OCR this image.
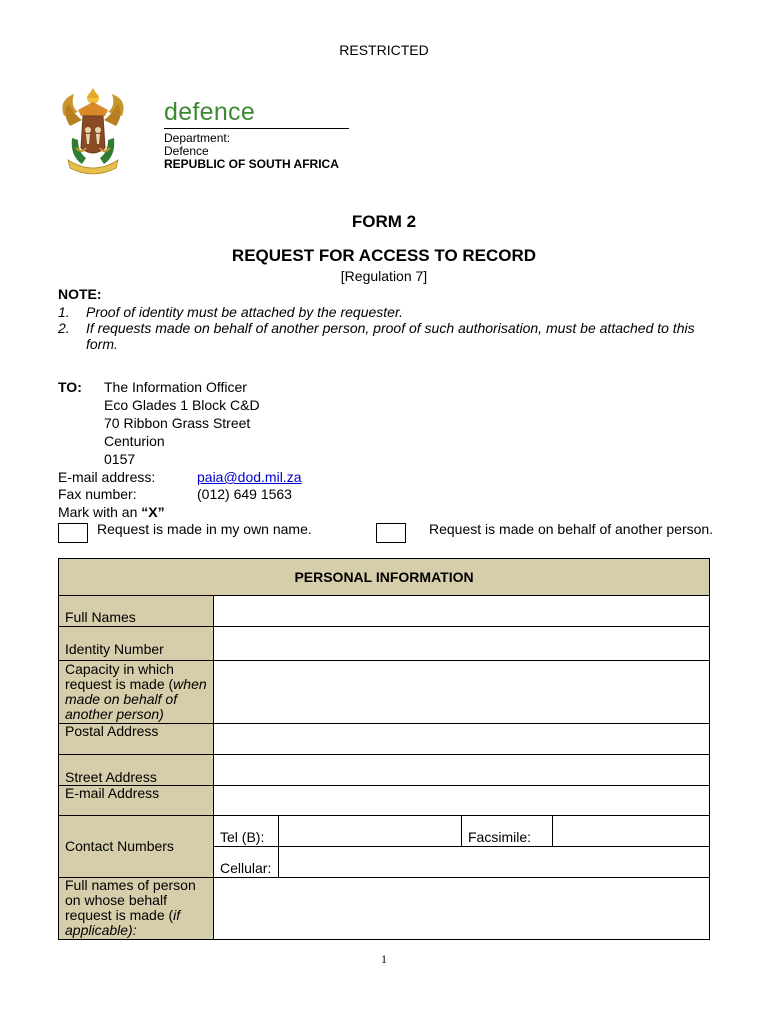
RESTRICTED
defence
Department:
Defence
REPUBLIC OF SOUTH AFRICA
FORM 2
REQUEST FOR ACCESS TO RECORD
[Regulation 7]
NOTE:
1. Proof of identity must be attached by the requester.
2. If requests made on behalf of another person, proof of such authorisation, must be attached to this form.
TO: The Information Officer
Eco Glades 1 Block C&D
70 Ribbon Grass Street
Centurion
0157
E-mail address:	paia@dod.mil.za
Fax number:	(012) 649 1563
Mark with an “X”
Request is made in my own name.	Request is made on behalf of another person.
PERSONAL INFORMATION				
Full Names				
Identity Number				
Capacity in which request is made (when made on behalf of another person)				
Postal Address				
Street Address				
E-mail Address				
Contact Numbers	Tel (B):		Facsimile:	
	Cellular:			
Full names of person on whose behalf request is made (if applicable):				
1
